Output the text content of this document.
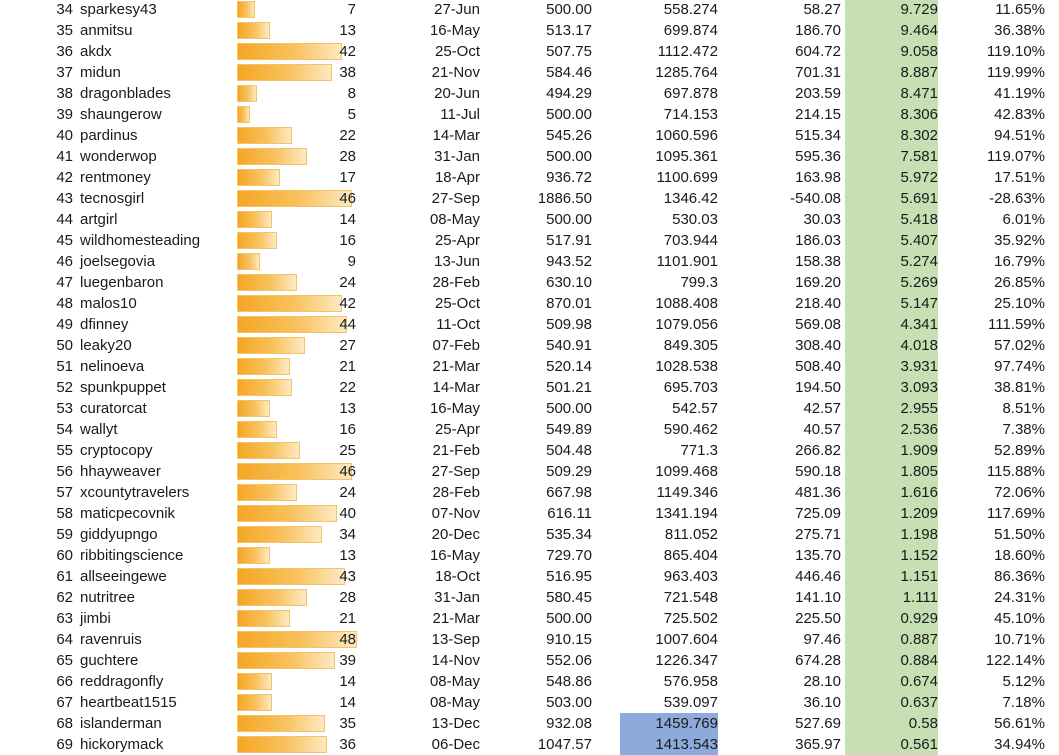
34 sparkesy43	7	27-Jun	500.00	558.274	58.27	9.729	11.65%
35 anmitsu	13	16-May	513.17	699.874	186.70	9.464	36.38%
36 akdx	42	25-Oct	507.75	1112.472	604.72	9.058	119.10%
37 midun	38	21-Nov	584.46	1285.764	701.31	8.887	119.99%
38 dragonblades	8	20-Jun	494.29	697.878	203.59	8.471	41.19%
39 shaungerow	5	11-Jul	500.00	714.153	214.15	8.306	42.83%
40 pardinus	22	14-Mar	545.26	1060.596	515.34	8.302	94.51%
41 wonderwop	28	31-Jan	500.00	1095.361	595.36	7.581	119.07%
42 rentmoney	17	18-Apr	936.72	1100.699	163.98	5.972	17.51%
43 tecnosgirl	46	27-Sep	1886.50	1346.42	-540.08	5.691	-28.63%
44 artgirl	14	08-May	500.00	530.03	30.03	5.418	6.01%
45 wildhomesteading	16	25-Apr	517.91	703.944	186.03	5.407	35.92%
46 joelsegovia	9	13-Jun	943.52	1101.901	158.38	5.274	16.79%
47 luegenbaron	24	28-Feb	630.10	799.3	169.20	5.269	26.85%
48 malos10	42	25-Oct	870.01	1088.408	218.40	5.147	25.10%
49 dfinney	44	11-Oct	509.98	1079.056	569.08	4.341	111.59%
50 leaky20	27	07-Feb	540.91	849.305	308.40	4.018	57.02%
51 nelinoeva	21	21-Mar	520.14	1028.538	508.40	3.931	97.74%
52 spunkpuppet	22	14-Mar	501.21	695.703	194.50	3.093	38.81%
53 curatorcat	13	16-May	500.00	542.57	42.57	2.955	8.51%
54 wallyt	16	25-Apr	549.89	590.462	40.57	2.536	7.38%
55 cryptocopy	25	21-Feb	504.48	771.3	266.82	1.909	52.89%
56 hhayweaver	46	27-Sep	509.29	1099.468	590.18	1.805	115.88%
57 xcountytravelers	24	28-Feb	667.98	1149.346	481.36	1.616	72.06%
58 maticpecovnik	40	07-Nov	616.11	1341.194	725.09	1.209	117.69%
59 giddyupngo	34	20-Dec	535.34	811.052	275.71	1.198	51.50%
60 ribbitingscience	13	16-May	729.70	865.404	135.70	1.152	18.60%
61 allseeingewe	43	18-Oct	516.95	963.403	446.46	1.151	86.36%
62 nutritree	28	31-Jan	580.45	721.548	141.10	1.111	24.31%
63 jimbi	21	21-Mar	500.00	725.502	225.50	0.929	45.10%
64 ravenruis	48	13-Sep	910.15	1007.604	97.46	0.887	10.71%
65 guchtere	39	14-Nov	552.06	1226.347	674.28	0.884	122.14%
66 reddragonfly	14	08-May	548.86	576.958	28.10	0.674	5.12%
67 heartbeat1515	14	08-May	503.00	539.097	36.10	0.637	7.18%
68 islanderman	35	13-Dec	932.08	1459.769	527.69	0.58	56.61%
69 hickorymack	36	06-Dec	1047.57	1413.543	365.97	0.561	34.94%
